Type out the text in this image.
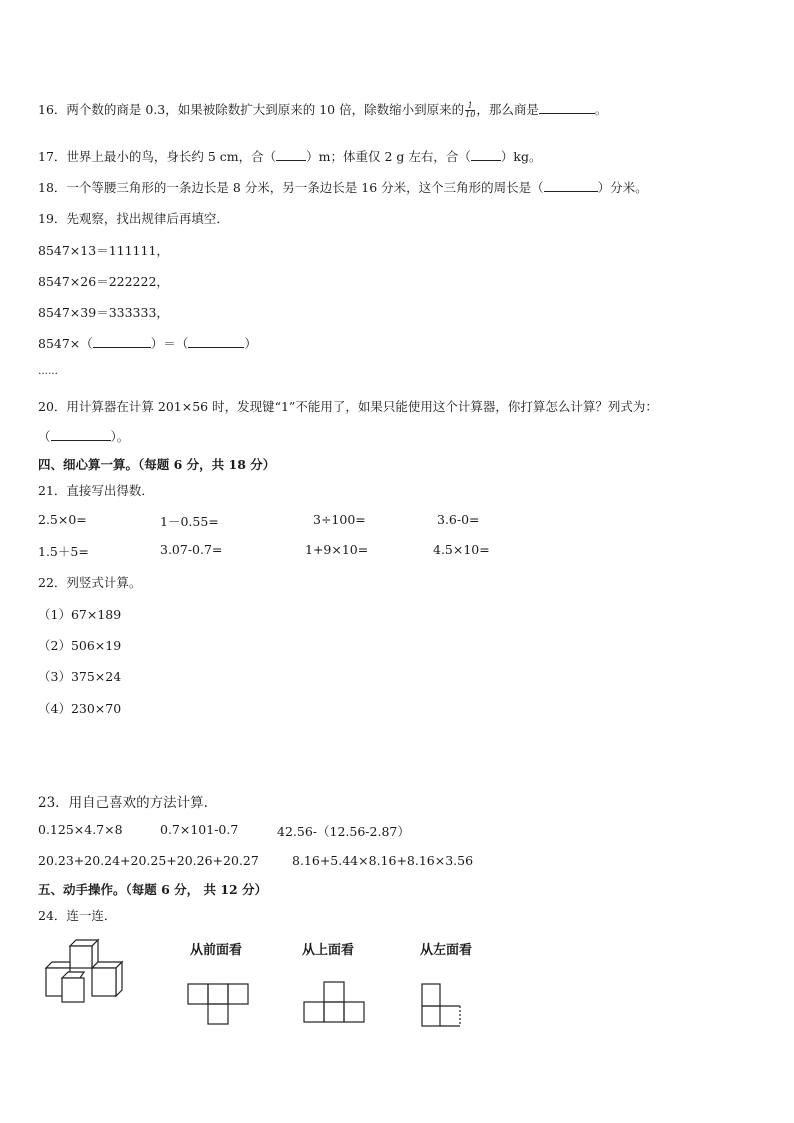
16．两个数的商是 0.3，如果被除数扩大到原来的 10 倍，除数缩小到原来的 $\frac{1}{10}$ ，那么商是	。
17．世界上最小的鸟，身长约 5 cm，合（ ）m；体重仅 2 g 左右，合（ ）kg。
18．一个等腰三角形的一条边长是 8 分米，另一条边长是 16 分米，这个三角形的周长是（	）分米。
19．先观察，找出规律后再填空．
8547×13＝111111，
8547×26＝222222，
8547×39＝333333，
8547×（	）＝（	）
……
20．用计算器在计算 201×56 时，发现键“1”不能用了，如果只能使用这个计算器，你打算怎么计算？列式为：
（	）。
四、细心算一算。（每题 6 分，共 18 分）
21．直接写出得数．
2.5×0=	1－0.55=	3÷100=	3.6-0=
1.5＋5=	3.07-0.7=	1+9×10=	4.5×10=
22．列竖式计算。
（1）67×189
（2）506×19
（3）375×24
（4）230×70
23．用自己喜欢的方法计算.
0.125×4.7×8	0.7×101-0.7	42.56-（12.56-2.87）
20.23+20.24+20.25+20.26+20.27	8.16+5.44×8.16+8.16×3.56
五、动手操作。（每题 6 分， 共 12 分）
24．连一连．
从前面看	从上面看	从左面看
